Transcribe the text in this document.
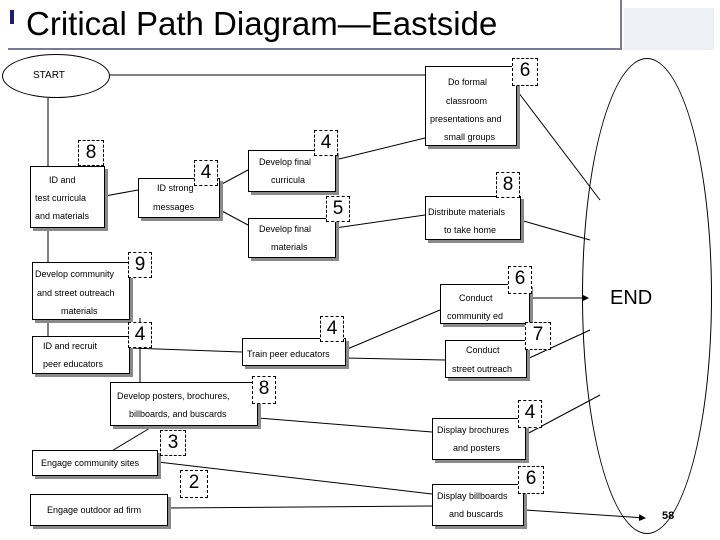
Critical Path Diagram—Eastside
START
END
ID and
test curricula
and materials
8
ID strong
messages
4	Develop final
curricula
4
Develop final
materials
5
Do formal
classroom
presentations and
small groups
6
Distribute materials
to take home
8
Develop community
and street outreach
materials
9
ID and recruit
peer educators
4
Train peer educators
4
Conduct
community ed
6
Conduct
street outreach
7
Develop posters, brochures,
billboards, and buscards
8
Engage community sites
3
Engage outdoor ad firm
2
Display brochures
and posters
4
Display billboards
and buscards
6
58
